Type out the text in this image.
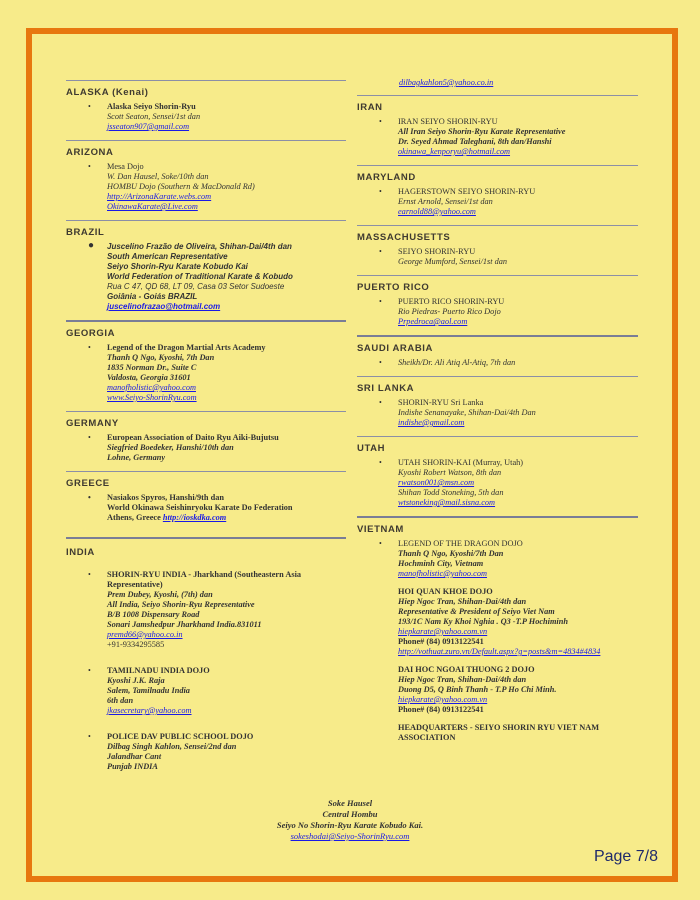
ALASKA (Kenai)
• Alaska Seiyo Shorin-Ryu
Scott Seaton, Sensei/1st dan
jsseaton907@gmail.com
ARIZONA
• Mesa Dojo
W. Dan Hausel, Soke/10th dan
HOMBU Dojo (Southern & MacDonald Rd)
http://ArizonaKarate.webs.com
OkinawaKarate@Live.com
BRAZIL
● Juscelino Frazão de Oliveira, Shihan-Dai/4th dan
South American Representative
Seiyo Shorin-Ryu Karate Kobudo Kai
World Federation of Traditional Karate & Kobudo
Rua C 47, QD 68, LT 09, Casa 03 Setor Sudoeste
Goiânia - Goiás BRAZIL
juscelinofrazao@hotmail.com
GEORGIA
• Legend of the Dragon Martial Arts Academy
Thanh Q Ngo, Kyoshi, 7th Dan
1835 Norman Dr., Suite C
Valdosta, Georgia 31601
manofholistic@yahoo.com
www.Seiyo-ShorinRyu.com
GERMANY
• European Association of Daito Ryu Aiki-Bujutsu
Siegfried Boedeker, Hanshi/10th dan
Lohne, Germany
GREECE
• Nasiakos Spyros, Hanshi/9th dan
World Okinawa Seishinryoku Karate Do Federation
Athens, Greece http://ioskdka.com
INDIA
• SHORIN-RYU INDIA - Jharkhand (Southeastern Asia Representative)
Prem Dubey, Kyoshi, (7th) dan
All India, Seiyo Shorin-Ryu Representative
B/B 1008 Dispensary Road
Sonari Jamshedpur Jharkhand India.831011
premd66@yahoo.co.in
+91-9334295585
• TAMILNADU INDIA DOJO
Kyoshi J.K. Raja
Salem, Tamilnadu India
6th dan
jkasecretary@yahoo.com
• POLICE DAV PUBLIC SCHOOL DOJO
Dilbag Singh Kahlon, Sensei/2nd dan
Jalandhar Cant
Punjab INDIA
dilbagkahlon5@yahoo.co.in
IRAN
• IRAN SEIYO SHORIN-RYU
All Iran Seiyo Shorin-Ryu Karate Representative
Dr. Seyed Ahmad Taleghani, 8th dan/Hanshi
okinawa_kenporyu@hotmail.com
MARYLAND
• HAGERSTOWN SEIYO SHORIN-RYU
Ernst Arnold, Sensei/1st dan
earnold88@yahoo.com
MASSACHUSETTS
• SEIYO SHORIN-RYU
George Mumford, Sensei/1st dan
PUERTO RICO
• PUERTO RICO SHORIN-RYU
Rio Piedras- Puerto Rico Dojo
Prpedroca@aol.com
SAUDI ARABIA
• Sheikh/Dr. Ali Atiq Al-Atiq, 7th dan
SRI LANKA
• SHORIN-RYU Sri Lanka
Indishe Senanayake, Shihan-Dai/4th Dan
indishe@gmail.com
UTAH
• UTAH SHORIN-KAI (Murray, Utah)
Kyoshi Robert Watson, 8th dan
rwatson001@msn.com
Shihan Todd Stoneking, 5th dan
wtstoneking@mail.sisna.com
VIETNAM
• LEGEND OF THE DRAGON DOJO
Thanh Q Ngo, Kyoshi/7th Dan
Hochminh City, Vietnam
manofholistic@yahoo.com
HOI QUAN KHOE DOJO
Hiep Ngoc Tran, Shihan-Dai/4th dan
Representative & President of Seiyo Viet Nam
193/1C Nam Ky Khoi Nghia . Q3 -T.P Hochiminh
hiepkarate@yahoo.com.vn
Phone# (84) 0913122541
http://vothuat.zuro.vn/Default.aspx?g=posts&m=4834#4834
DAI HOC NGOAI THUONG 2 DOJO
Hiep Ngoc Tran, Shihan-Dai/4th dan
Duong D5, Q Binh Thanh - T.P Ho Chi Minh.
hiepkarate@yahoo.com.vn
Phone# (84) 0913122541
HEADQUARTERS - SEIYO SHORIN RYU VIET NAM ASSOCIATION
Soke Hausel
Central Hombu
Seiyo No Shorin-Ryu Karate Kobudo Kai.
sokeshodai@Seiyo-ShorinRyu.com
Page 7/8
